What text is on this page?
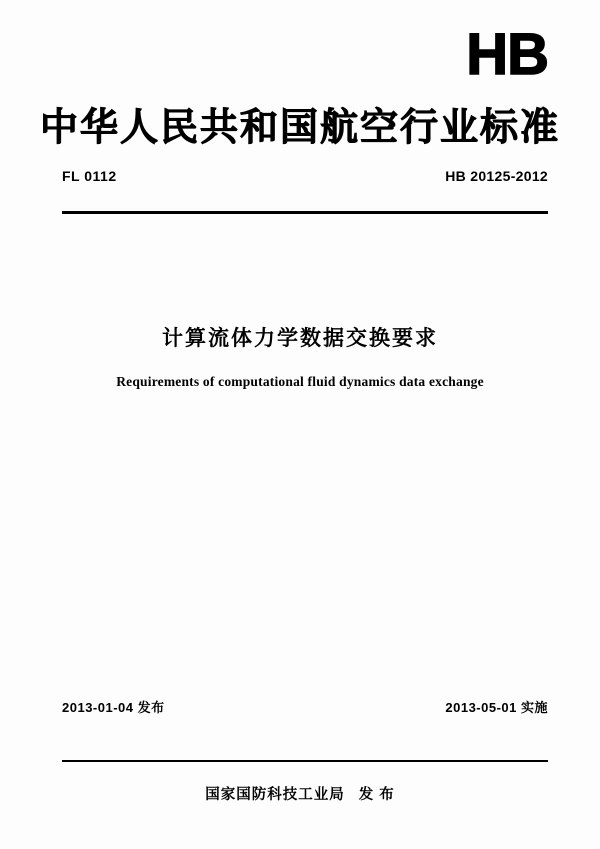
HB
中华人民共和国航空行业标准
FL 0112	HB 20125-2012
计算流体力学数据交换要求
Requirements of computational fluid dynamics data exchange
2013-01-04 发布	2013-05-01 实施
国家国防科技工业局 发 布
